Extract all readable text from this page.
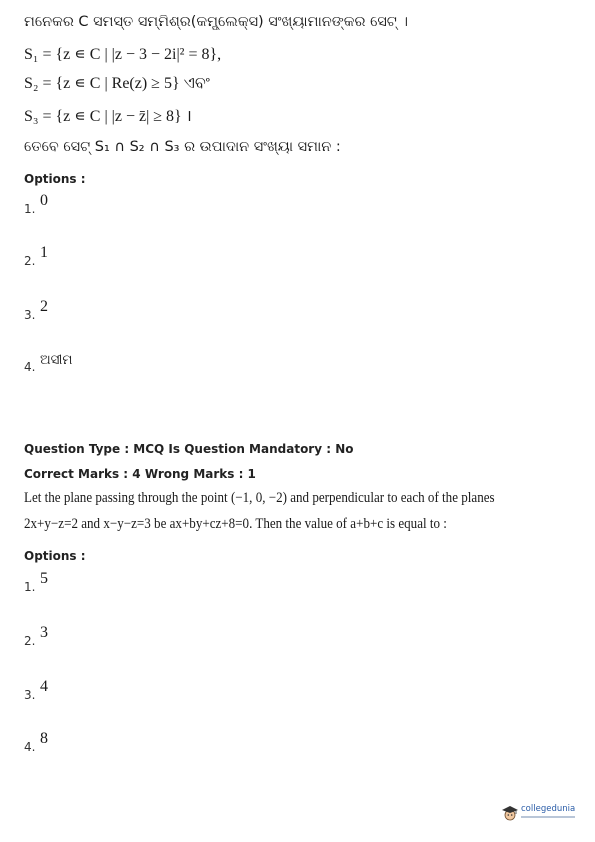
ମନେକର C ସମସ୍ତ ସମ୍ମିଶ୍ର(କମ୍ପ୍ଲେକ୍ସ) ସଂଖ୍ୟାମାନଙ୍କର ସେଟ୍ ।
S₁ = {z ∊ C | |z − 3 − 2i|² = 8},
S₂ = {z ∊ C | Re(z) ≥ 5} ଏବଂ
S₃ = {z ∊ C | |z − z̄| ≥ 8} ।
ତେବେ ସେଟ୍ S₁ ∩ S₂ ∩ S₃ ର ଉପାଦାନ ସଂଖ୍ୟା ସମାନ :
Options :
1. 0
2. 1
3. 2
4. ଅସୀମ
Question Type : MCQ Is Question Mandatory : No
Correct Marks : 4 Wrong Marks : 1
Let the plane passing through the point (−1, 0, −2) and perpendicular to each of the planes
2x+y−z=2 and x−y−z=3 be ax+by+cz+8=0. Then the value of a+b+c is equal to :
Options :
1. 5
2. 3
3. 4
4. 8
collegedunia
